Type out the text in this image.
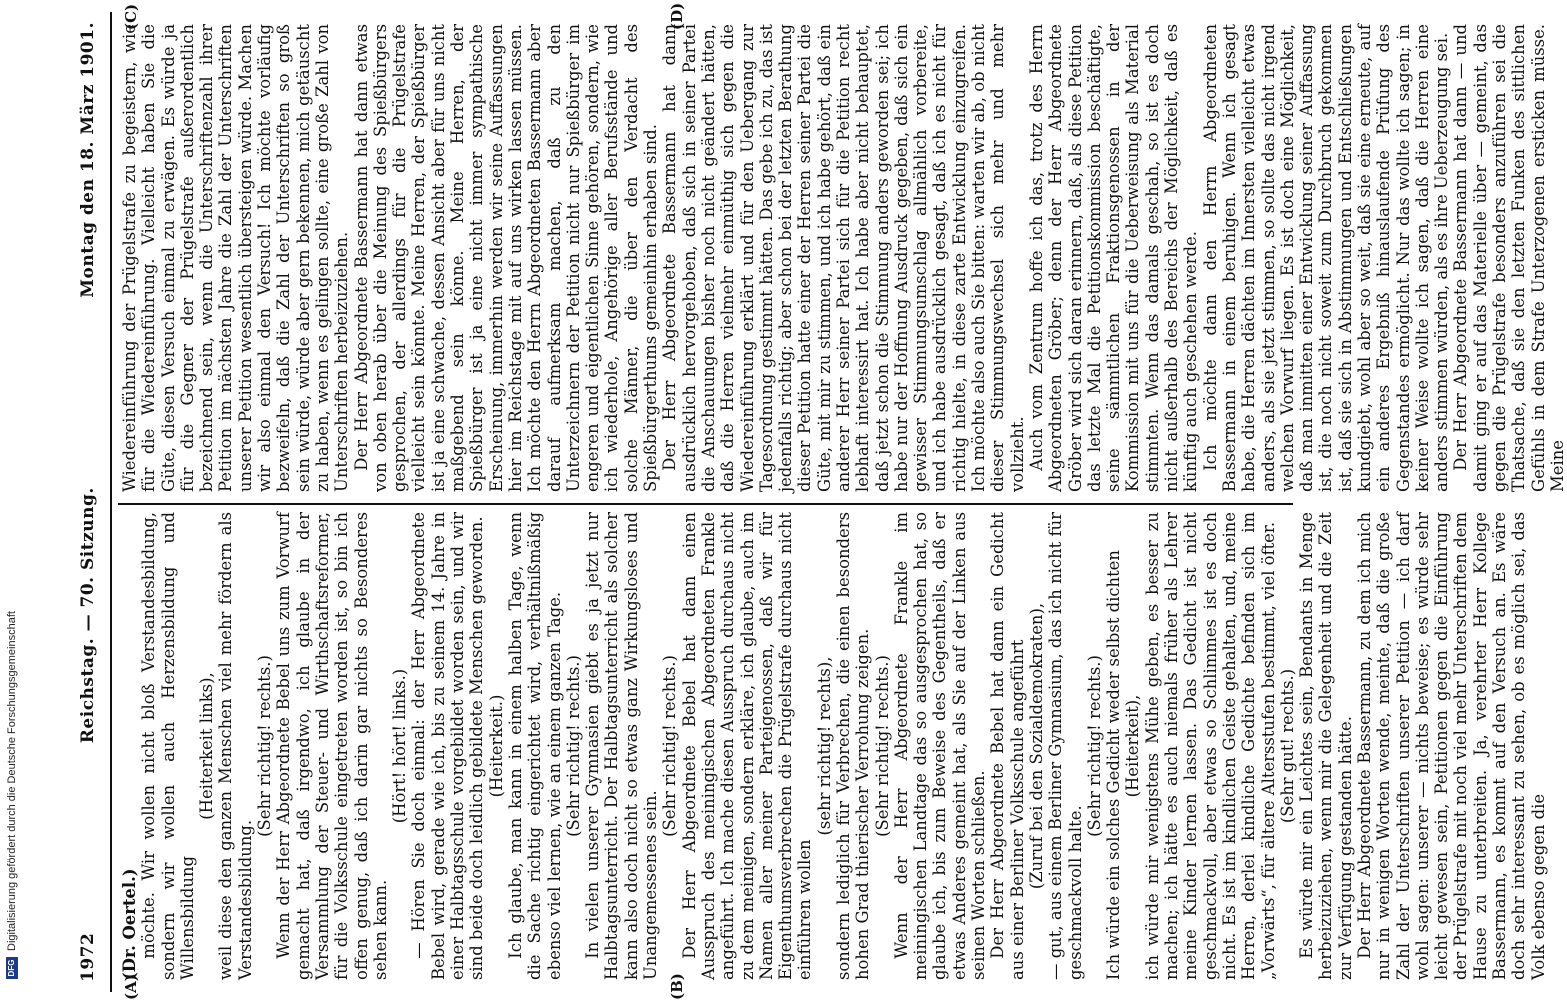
1972
Reichstag. — 70. Sitzung.
Montag den 18. März 1901.

(Dr. Oertel.) möchte. Wir wollen nicht bloß Verstandesbildung, sondern wir wollen auch Herzensbildung und Willensbildung

(Heiterkeit links), weil diese den ganzen Menschen viel mehr fördern als Verstandesbildung.

(Sehr richtig! rechts.) Wenn der Herr Abgeordnete Bebel uns zum Vorwurf gemacht hat, daß irgendwo, ich glaube in der Versammlung der Steuer- und Wirthschaftsreformer, für die Volksschule eingetreten worden ist, so bin ich offen genug, daß ich darin gar nichts so Besonderes sehen kann.

(Hört! hört! links.) — Hören Sie doch einmal: der Herr Abgeordnete Bebel wird, gerade wie ich, bis zu seinem 14. Jahre in einer Halbtagsschule vorgebildet worden sein, und wir sind beide doch leidlich gebildete Menschen geworden. (Heiterkeit.) Ich glaube, man kann in einem halben Tage, wenn die Sache richtig eingerichtet wird, verhältnißmäßig ebenso viel lernen, wie an einem ganzen Tage. (Sehr richtig! rechts.) In vielen unserer Gymnasien giebt es ja jetzt nur Halbtagsunterricht. Der Halbtagsunterricht als solcher kann also doch nicht so etwas ganz Wirkungsloses und Unangemessenes sein.

(Sehr richtig! rechts.) Der Herr Abgeordnete Bebel hat dann einen Ausspruch des meiningischen Abgeordneten Frankle angeführt. Ich mache diesen Ausspruch durchaus nicht zu dem meinigen, sondern erkläre, ich glaube, auch im Namen aller meiner Parteigenossen, daß wir für Eigenthumsverbrechen die Prügelstrafe durchaus nicht einführen wollen

(sehr richtig! rechts), sondern lediglich für Verbrechen, die einen besonders hohen Grad thierischer Verrohung zeigen. (Sehr richtig! rechts.) Wenn der Herr Abgeordnete Frankle im meiningischen Landtage das so ausgesprochen hat, so glaube ich, bis zum Beweise des Gegentheils, daß er etwas Anderes gemeint hat, als Sie auf der Linken aus seinen Worten schließen. Der Herr Abgeordnete Bebel hat dann ein Gedicht aus einer Berliner Volksschule angeführt (Zuruf bei den Sozialdemokraten), — gut, aus einem Berliner Gymnasium, das ich nicht für geschmackvoll halte.

(Sehr richtig! rechts.) Ich würde ein solches Gedicht weder selbst dichten (Heiterkeit), ich würde mir wenigstens Mühe geben, es besser zu machen; ich hätte es auch niemals früher als Lehrer meine Kinder lernen lassen. Das Gedicht ist nicht geschmackvoll, aber etwas so Schlimmes ist es doch nicht. Es ist im kindlichen Geiste gehalten, und, meine Herren, derlei kindliche Gedichte befinden sich im „Vorwärts“, für ältere Altersstufen bestimmt, viel öfter. (Sehr gut! rechts.) Es würde mir ein Leichtes sein, Bendants in Menge herbeizuziehen, wenn mir die Gelegenheit und die Zeit zur Verfügung gestanden hätte. Der Herr Abgeordnete Bassermann, zu dem ich mich nur in wenigen Worten wende, meinte, daß die große Zahl der Unterschriften unserer Petition — ich darf wohl sagen: unserer — nichts beweise; es würde sehr leicht gewesen sein, Petitionen gegen die Einführung der Prügelstrafe mit noch viel mehr Unterschriften dem Hause zu unterbreiten. Ja, verehrter Herr Kollege Bassermann, es kommt auf den Versuch an. Es wäre doch sehr interessant zu sehen, ob es möglich sei, das Volk ebenso gegen die

Wiedereinführung der Prügelstrafe zu begeistern, wie für die Wiedereinführung. Vielleicht haben Sie die Güte, diesen Versuch einmal zu erwägen. Es würde ja für die Gegner der Prügelstrafe außerordentlich bezeichnend sein, wenn die Unterschriftenzahl ihrer Petition im nächsten Jahre die Zahl der Unterschriften unserer Petition wesentlich übersteigen würde. Machen wir also einmal den Versuch! Ich möchte vorläufig bezweifeln, daß die Zahl der Unterschriften so groß sein würde, würde aber gern bekennen, mich getäuscht zu haben, wenn es gelingen sollte, eine große Zahl von Unterschriften herbeizuziehen. Der Herr Abgeordnete Bassermann hat dann etwas von oben herab über die Meinung des Spießbürgers gesprochen, der allerdings für die Prügelstrafe vielleicht sein könnte. Meine Herren, der Spießbürger ist ja eine schwache, dessen Ansicht aber für uns nicht maßgebend sein könne. Meine Herren, der Spießbürger ist ja eine nicht immer sympathische Erscheinung, immerhin werden wir seine Auffassungen hier im Reichstage mit auf uns wirken lassen müssen. Ich möchte den Herrn Abgeordneten Bassermann aber darauf aufmerksam machen, daß zu den Unterzeichnern der Petition nicht nur Spießbürger im engeren und eigentlichen Sinne gehören, sondern, wie ich wiederhole, Angehörige aller Berufsstände und solche Männer, die über den Verdacht des Spießbürgerthums gemeinhin erhaben sind. Der Herr Abgeordnete Bassermann hat dann ausdrücklich hervorgehoben, daß sich in seiner Partei die Anschauungen bisher noch nicht geändert hätten, daß die Herren vielmehr einmüthig sich gegen die Wiedereinführung erklärt und für den Uebergang zur Tagesordnung gestimmt hätten. Das gebe ich zu, das ist jedenfalls richtig; aber schon bei der letzten Berathung dieser Petition hatte einer der Herren seiner Partei die Güte, mit mir zu stimmen, und ich habe gehört, daß ein anderer Herr seiner Partei sich für die Petition recht lebhaft interessirt hat. Ich habe aber nicht behauptet, daß jetzt schon die Stimmung anders geworden sei; ich habe nur der Hoffnung Ausdruck gegeben, daß sich ein gewisser Stimmungsumschlag allmählich vorbereite, und ich habe ausdrücklich gesagt, daß ich es nicht für richtig hielte, in diese zarte Entwicklung einzugreifen. Ich möchte also auch Sie bitten: warten wir ab, ob nicht dieser Stimmungswechsel sich mehr und mehr vollzieht. Auch vom Zentrum hoffe ich das, trotz des Herrn Abgeordneten Gröber; denn der Herr Abgeordnete Gröber wird sich daran erinnern, daß, als diese Petition das letzte Mal die Petitionskommission beschäftigte, seine sämmtlichen Fraktionsgenossen in der Kommission mit uns für die Ueberweisung als Material stimmten. Wenn das damals geschah, so ist es doch nicht außerhalb des Bereichs der Möglichkeit, daß es künftig auch geschehen werde. Ich möchte dann den Herrn Abgeordneten Bassermann in einem beruhigen. Wenn ich gesagt habe, die Herren dächten im Innersten vielleicht etwas anders, als sie jetzt stimmen, so sollte das nicht irgend welchen Vorwurf liegen. Es ist doch eine Möglichkeit, daß man inmitten einer Entwicklung seiner Auffassung ist, die noch nicht soweit zum Durchbruch gekommen ist, daß sie sich in Abstimmungen und Entschließungen kundgiebt, wohl aber so weit, daß sie eine erneute, auf ein anderes Ergebniß hinauslaufende Prüfung des Gegenstandes ermöglicht. Nur das wollte ich sagen; in keiner Weise wollte ich sagen, daß die Herren eine anders stimmen würden, als es ihre Ueberzeugung sei. Der Herr Abgeordnete Bassermann hat dann — und damit ging er auf das Materielle über — gemeint, das gegen die Prügelstrafe besonders anzuführen sei die Thatsache, daß sie den letzten Funken des sittlichen Gefühls in dem Strafe Unterzogenen ersticken müsse. Meine

(A)	(B)
(C)	(D)
DFG
Digitalisierung gefördert durch die Deutsche Forschungsgemeinschaft
